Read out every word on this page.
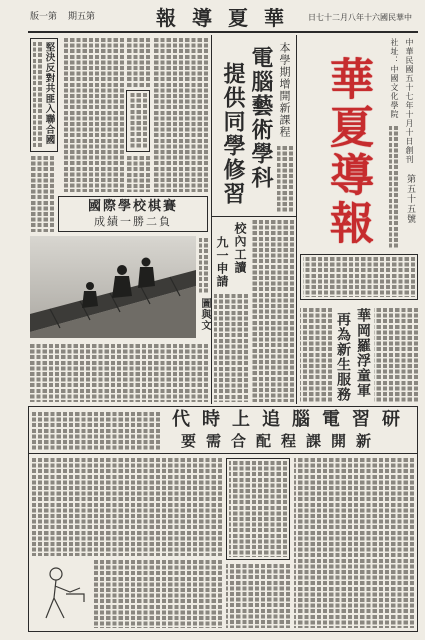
第一版 第五期	華夏導報 中華民國六十年八月二十七日
中華民國五十七年十月十日創刊
第五十五號
社址：中國文化學院
華夏導報
華岡羅浮童軍
再為新生服務
本學期增開新課程
電腦藝術學科
提供同學修習
校內工讀
九一申請
堅決反對共匪入聯合國
國際學校棋賽
成績一勝二負
圖與文
研習電腦追上時代
新開課程配合需要
